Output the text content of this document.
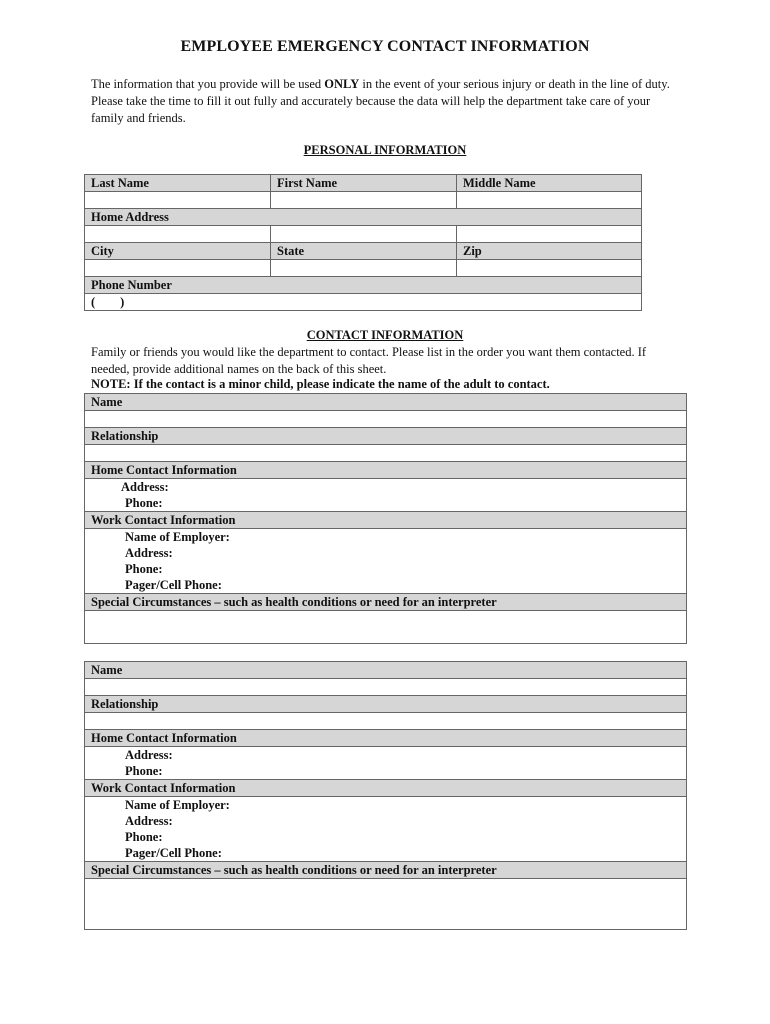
EMPLOYEE EMERGENCY CONTACT INFORMATION

The information that you provide will be used ONLY in the event of your serious injury or death in the line of duty. Please take the time to fill it out fully and accurately because the data will help the department take care of your family and friends.

PERSONAL INFORMATION
Last Name	First Name	Middle Name

Home Address		

City	State	Zip

Phone Number		
(        )		
CONTACT INFORMATION

Family or friends you would like the department to contact. Please list in the order you want them contacted. If needed, provide additional names on the back of this sheet.

NOTE: If the contact is a minor child, please indicate the name of the adult to contact.

Name

Relationship

Home Contact Information
Address:
Phone:
Work Contact Information
Name of Employer:
Address:
Phone:
Pager/Cell Phone:
Special Circumstances – such as health conditions or need for an interpreter

Name

Relationship

Home Contact Information
Address:
Phone:
Work Contact Information
Name of Employer:
Address:
Phone:
Pager/Cell Phone:
Special Circumstances – such as health conditions or need for an interpreter
